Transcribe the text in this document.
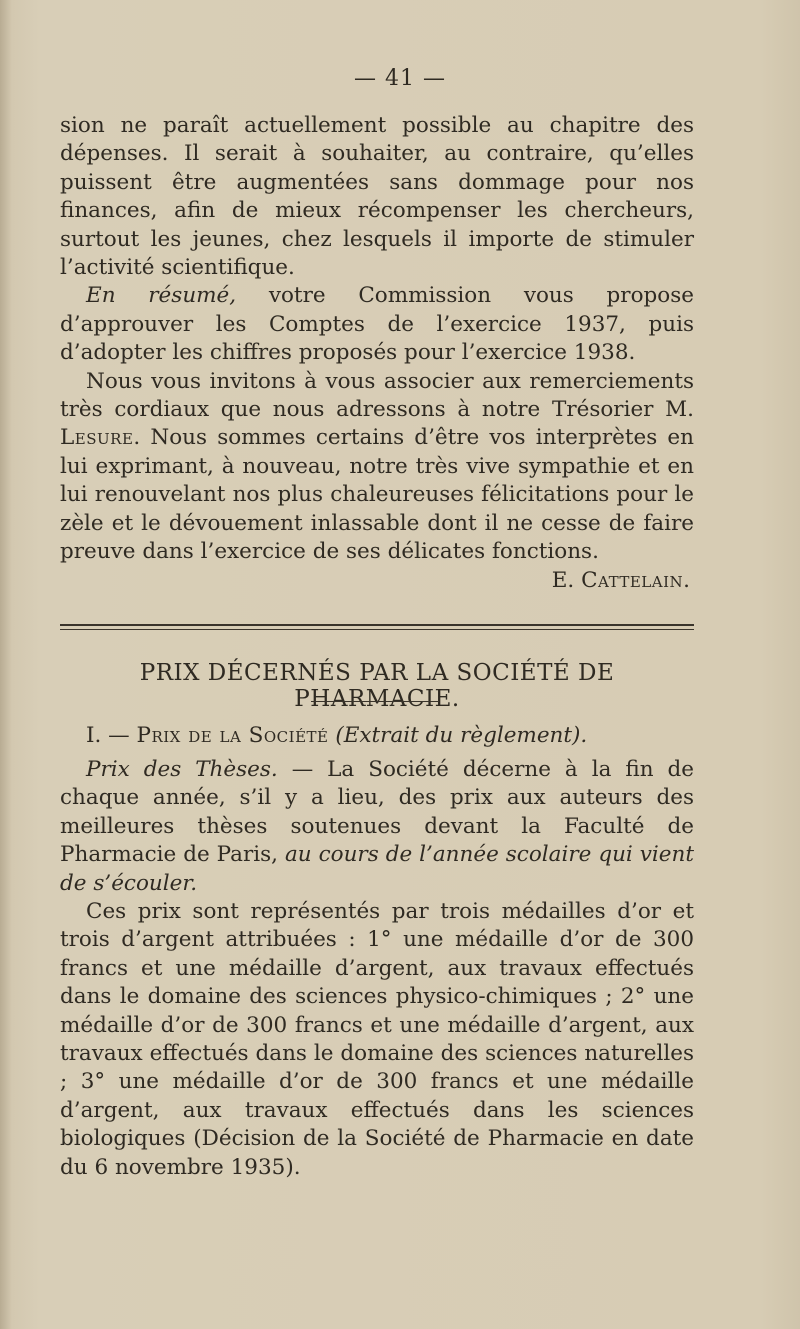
— 41 —

sion ne paraît actuellement possible au chapitre des dépenses. Il serait à souhaiter, au contraire, qu’elles puissent être augmentées sans dommage pour nos finances, afin de mieux récompenser les chercheurs, surtout les jeunes, chez lesquels il importe de stimuler l’activité scientifique.

En résumé, votre Commission vous propose d’approuver les Comptes de l’exercice 1937, puis d’adopter les chiffres proposés pour l’exercice 1938.

Nous vous invitons à vous associer aux remerciements très cordiaux que nous adressons à notre Trésorier M. Lesure. Nous sommes certains d’être vos interprètes en lui exprimant, à nouveau, notre très vive sympathie et en lui renouvelant nos plus chaleureuses félicitations pour le zèle et le dévouement inlassable dont il ne cesse de faire preuve dans l’exercice de ses délicates fonctions.

E. Cattelain.

PRIX DÉCERNÉS PAR LA SOCIÉTÉ DE PHARMACIE.
I. — Prix de la Société (Extrait du règlement).

Prix des Thèses. — La Société décerne à la fin de chaque année, s’il y a lieu, des prix aux auteurs des meilleures thèses soutenues devant la Faculté de Pharmacie de Paris, au cours de l’année scolaire qui vient de s’écouler.

Ces prix sont représentés par trois médailles d’or et trois d’argent attribuées : 1° une médaille d’or de 300 francs et une médaille d’argent, aux travaux effectués dans le domaine des sciences physico-chimiques ; 2° une médaille d’or de 300 francs et une médaille d’argent, aux travaux effectués dans le domaine des sciences naturelles ; 3° une médaille d’or de 300 francs et une médaille d’argent, aux travaux effectués dans les sciences biologiques (Décision de la Société de Pharmacie en date du 6 novembre 1935).
